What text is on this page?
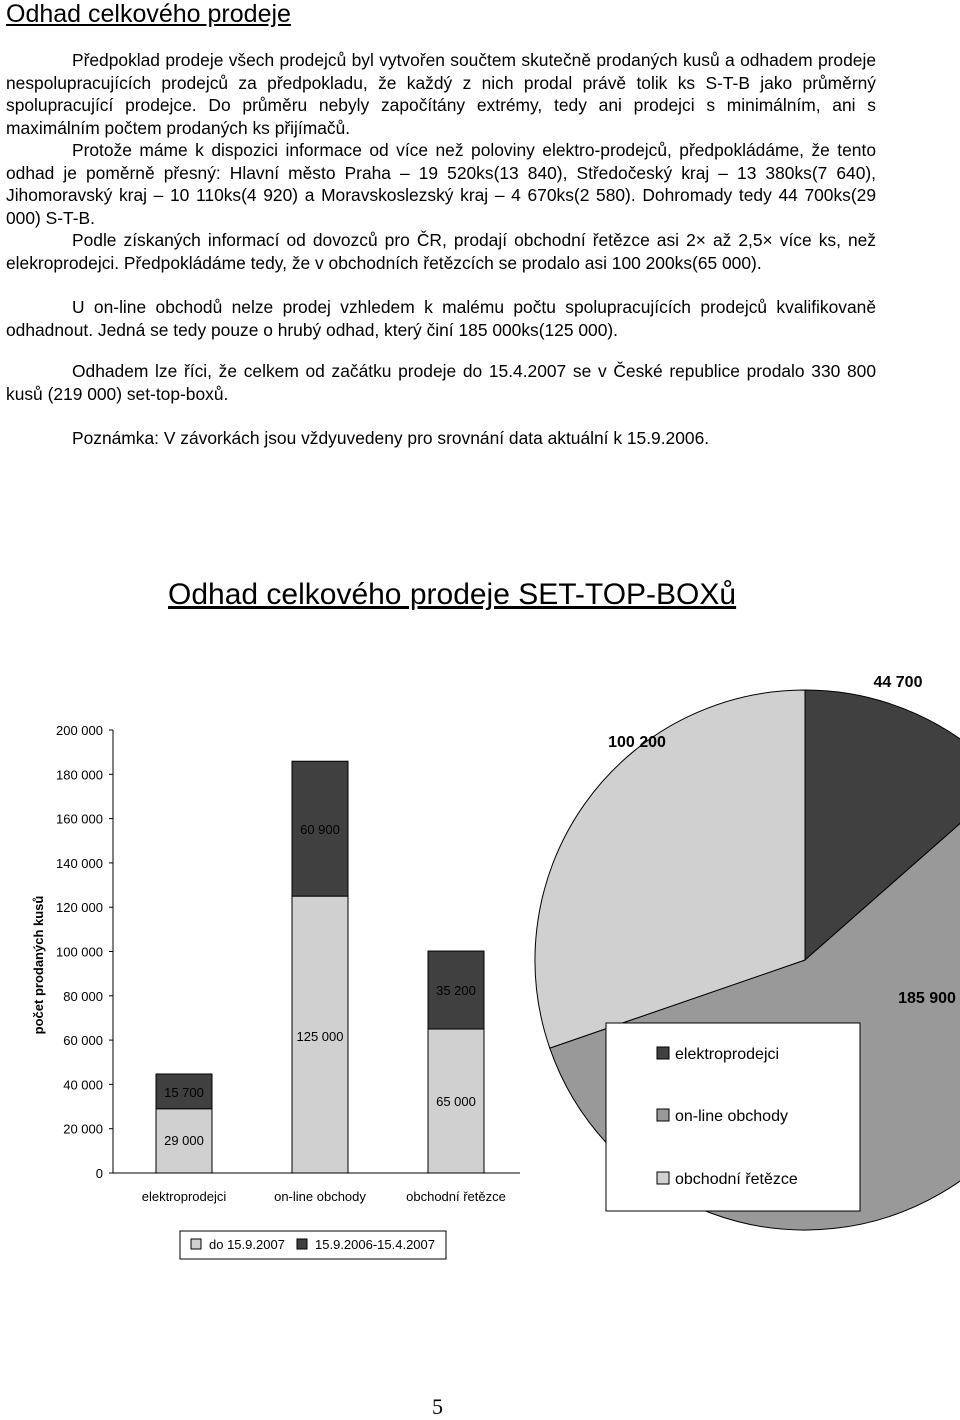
Odhad celkového prodeje

Předpoklad prodeje všech prodejců byl vytvořen součtem skutečně prodaných kusů a odhadem prodeje nespolupracujících prodejců za předpokladu, že každý z nich prodal právě tolik ks S-T-B jako průměrný spolupracující prodejce. Do průměru nebyly započítány extrémy, tedy ani prodejci s minimálním, ani s maximálním počtem prodaných ks přijímačů.

Protože máme k dispozici informace od více než poloviny elektro-prodejců, předpokládáme, že tento odhad je poměrně přesný: Hlavní město Praha – 19 520ks(13 840), Středočeský kraj – 13 380ks(7 640), Jihomoravský kraj – 10 110ks(4 920) a Moravskoslezský kraj – 4 670ks(2 580). Dohromady tedy 44 700ks(29 000) S-T-B.

Podle získaných informací od dovozců pro ČR, prodají obchodní řetězce asi 2× až 2,5× více ks, než elekroprodejci. Předpokládáme tedy, že v obchodních řetězcích se prodalo asi 100 200ks(65 000).

U on-line obchodů nelze prodej vzhledem k malému počtu spolupracujících prodejců kvalifikovaně odhadnout. Jedná se tedy pouze o hrubý odhad, který činí 185 000ks(125 000).

Odhadem lze říci, že celkem od začátku prodeje do 15.4.2007 se v České republice prodalo 330 800 kusů (219 000) set-top-boxů.

Poznámka: V závorkách jsou vždyuvedeny pro srovnání data aktuální k 15.9.2006.
Odhad celkového prodeje SET-TOP-BOXů
0
20 000
40 000
60 000
80 000
100 000
120 000
140 000
160 000
180 000
200 000
počet prodaných kusů
29 000
15 700
elektroprodejci
125 000
60 900
on-line obchody
65 000
35 200
obchodní řetězce
do 15.9.2007 15.9.2006-15.4.2007
44 700
185 900
100 200
elektroprodejci
on-line obchody
obchodní řetězce
5
